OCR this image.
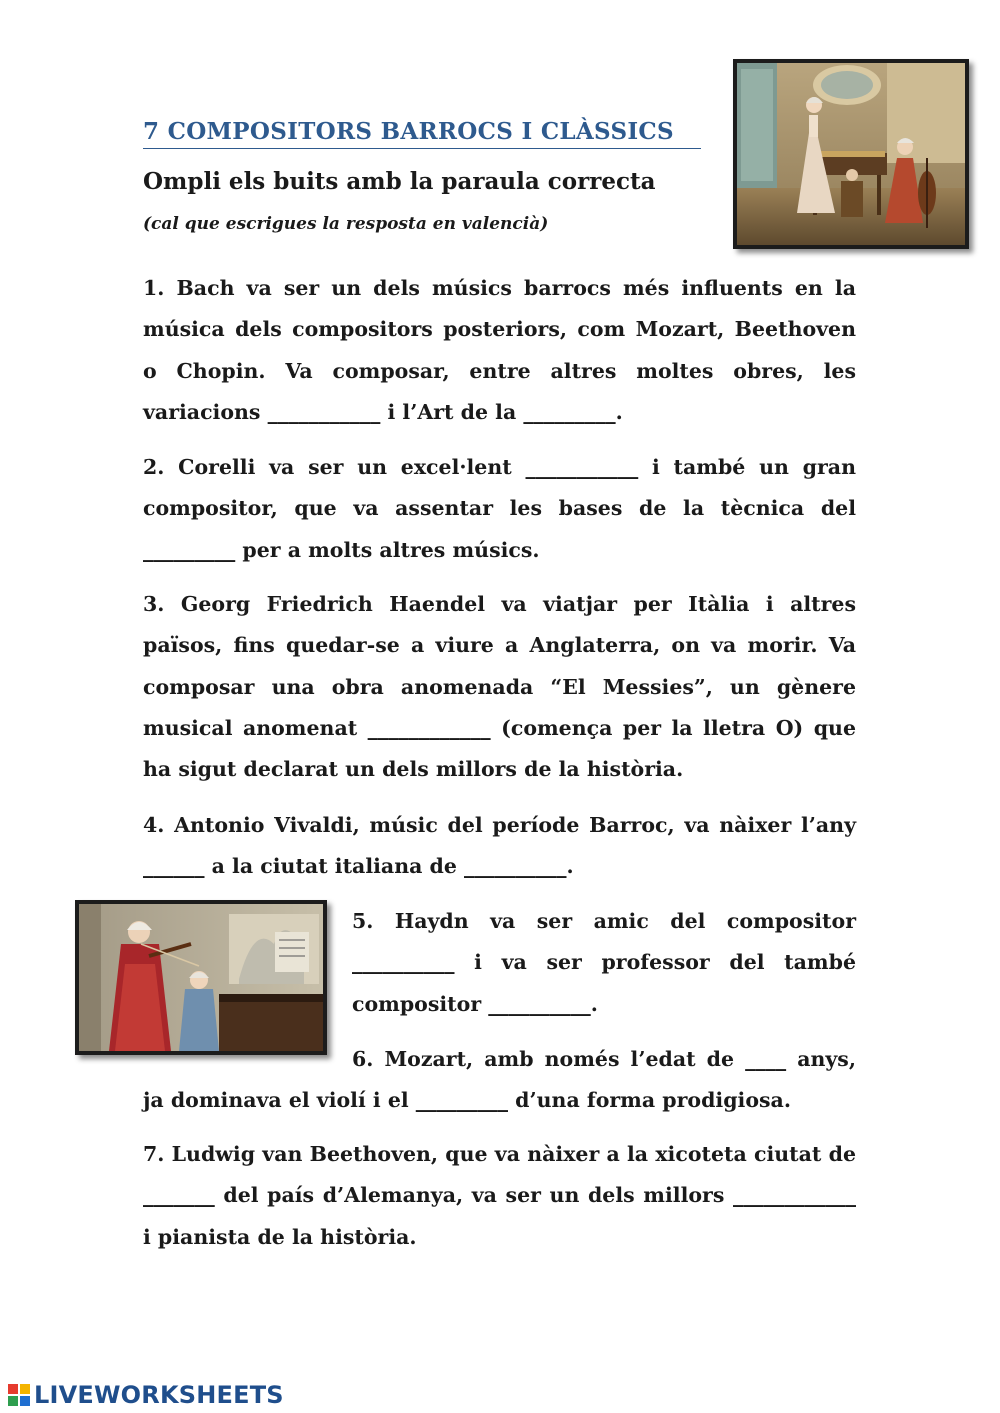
7 COMPOSITORS BARROCS I CLÀSSICS
Ompli els buits amb la paraula correcta
(cal que escrigues la resposta en valencià)
1. Bach va ser un dels músics barrocs més influents en la música dels compositors posteriors, com Mozart, Beethoven o Chopin. Va composar, entre altres moltes obres, les variacions ___________ i l’Art de la _________.
2. Corelli va ser un excel·lent ___________ i també un gran compositor, que va assentar les bases de la tècnica del _________ per a molts altres músics.
3. Georg Friedrich Haendel va viatjar per Itàlia i altres països, fins quedar-se a viure a Anglaterra, on va morir. Va composar una obra anomenada “El Messies”, un gènere musical anomenat ____________ (comença per la lletra O) que ha sigut declarat un dels millors de la història.
4. Antonio Vivaldi, músic del període Barroc, va nàixer l’any ______ a la ciutat italiana de __________.
5. Haydn va ser amic del compositor __________ i va ser professor del també compositor __________.
6. Mozart, amb només l’edat de ____ anys, ja dominava el violí i el _________ d’una forma prodigiosa.
7. Ludwig van Beethoven, que va nàixer a la xicoteta ciutat de _______ del país d’Alemanya, va ser un dels millors ____________ i pianista de la història.
LIVEWORKSHEETS
